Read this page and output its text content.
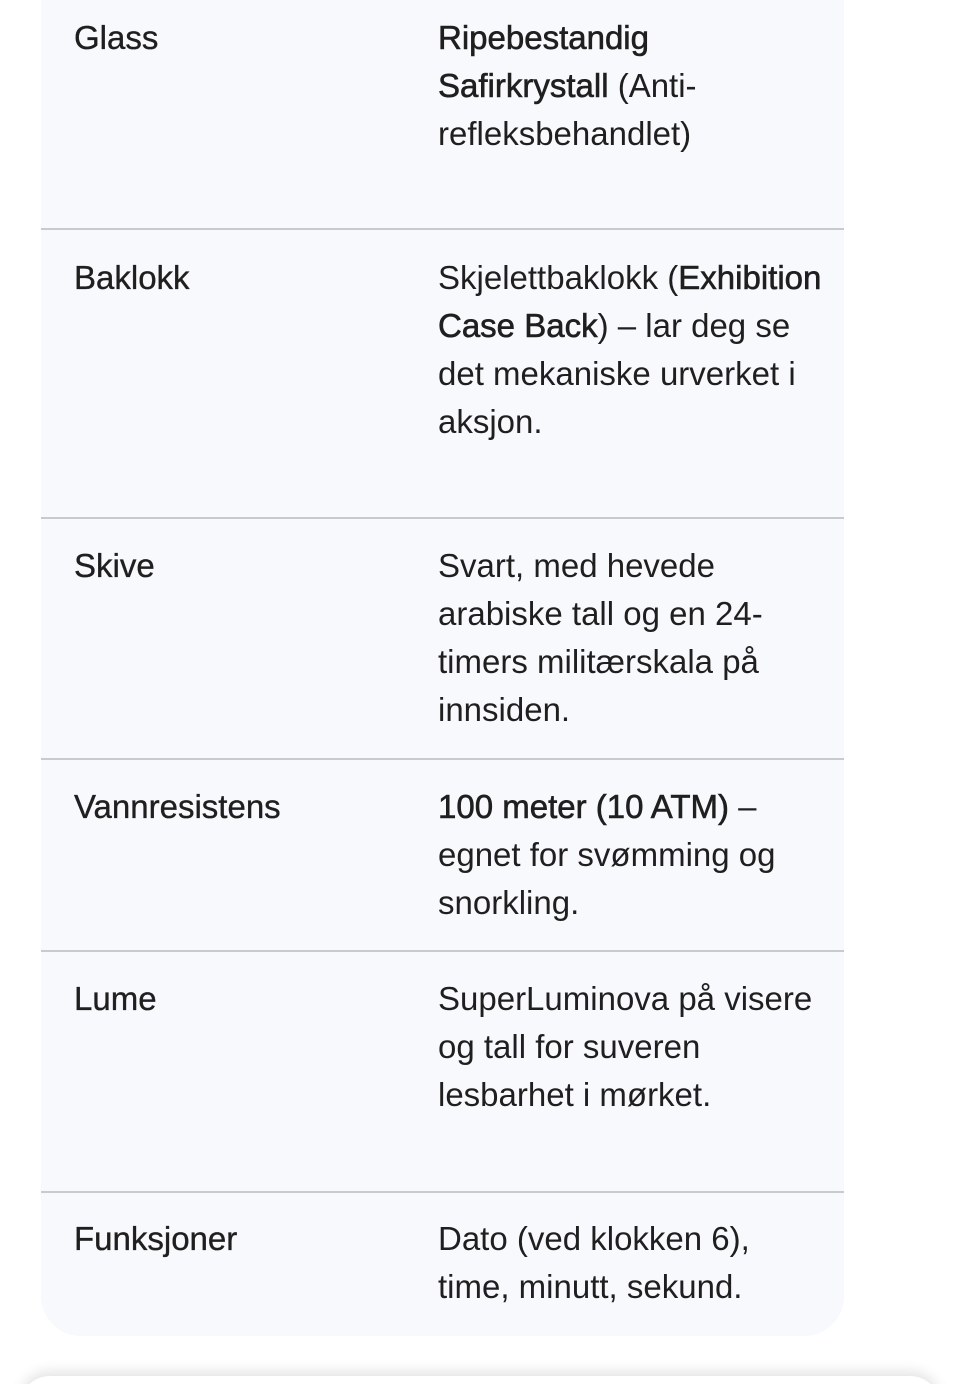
Glass	Ripebestandig Safirkrystall (Anti-refleksbehandlet)
Baklokk	Skjelettbaklokk (Exhibition Case Back) – lar deg se det mekaniske urverket i aksjon.
Skive	Svart, med hevede arabiske tall og en 24-timers militærskala på innsiden.
Vannresistens	100 meter (10 ATM) – egnet for svømming og snorkling.
Lume	SuperLuminova på visere og tall for suveren lesbarhet i mørket.
Funksjoner	Dato (ved klokken 6), time, minutt, sekund.
